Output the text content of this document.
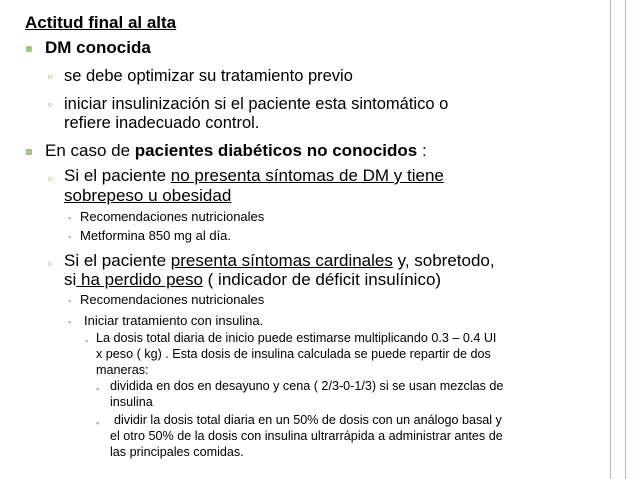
Actitud final al alta
DM conocida
◦ se debe optimizar su tratamiento previo
◦ iniciar insulinización si el paciente esta sintomático o
refiere inadecuado control.
En caso de pacientes diabéticos no conocidos :
◦ Si el paciente no presenta síntomas de DM y tiene
sobrepeso u obesidad
▪ Recomendaciones nutricionales
▪ Metformina 850 mg al día.
◦ Si el paciente presenta síntomas cardinales y, sobretodo,
si ha perdido peso ( indicador de déficit insulínico)
▪ Recomendaciones nutricionales
▪ Iniciar tratamiento con insulina.
▪ La dosis total diaria de inicio puede estimarse multiplicando 0.3 – 0.4 UI
x peso ( kg) . Esta dosis de insulina calculada se puede repartir de dos
maneras:
▪ dividida en dos en desayuno y cena ( 2/3-0-1/3) si se usan mezclas de
insulina
▪ dividir la dosis total diaria en un 50% de dosis con un análogo basal y
el otro 50% de la dosis con insulina ultrarrápida a administrar antes de
las principales comidas.
